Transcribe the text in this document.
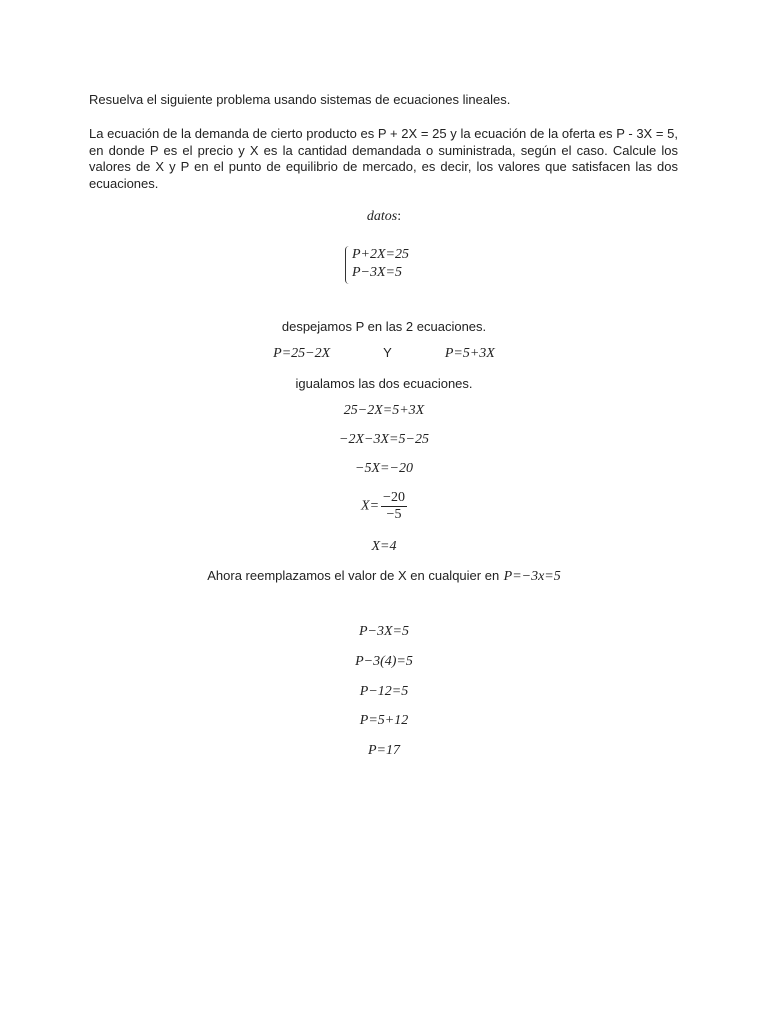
Resuelva el siguiente problema usando sistemas de ecuaciones lineales.
La ecuación de la demanda de cierto producto es P + 2X = 25 y la ecuación de la oferta es P - 3X = 5, en donde P es el precio y X es la cantidad demandada o suministrada, según el caso. Calcule los valores de X y P en el punto de equilibrio de mercado, es decir, los valores que satisfacen las dos ecuaciones.
datos:
P+2X=25
P−3X=5
despejamos P en las 2 ecuaciones.
P=25−2X	Y	P=5+3X
igualamos las dos ecuaciones.
25−2X=5+3X
−2X−3X=5−25
−5X=−20
$X= \frac{-20}{-5}$
X=4
Ahora reemplazamos el valor de X en cualquier en P=−3x=5
P−3X=5
P−3(4)=5
P−12=5
P=5+12
P=17
